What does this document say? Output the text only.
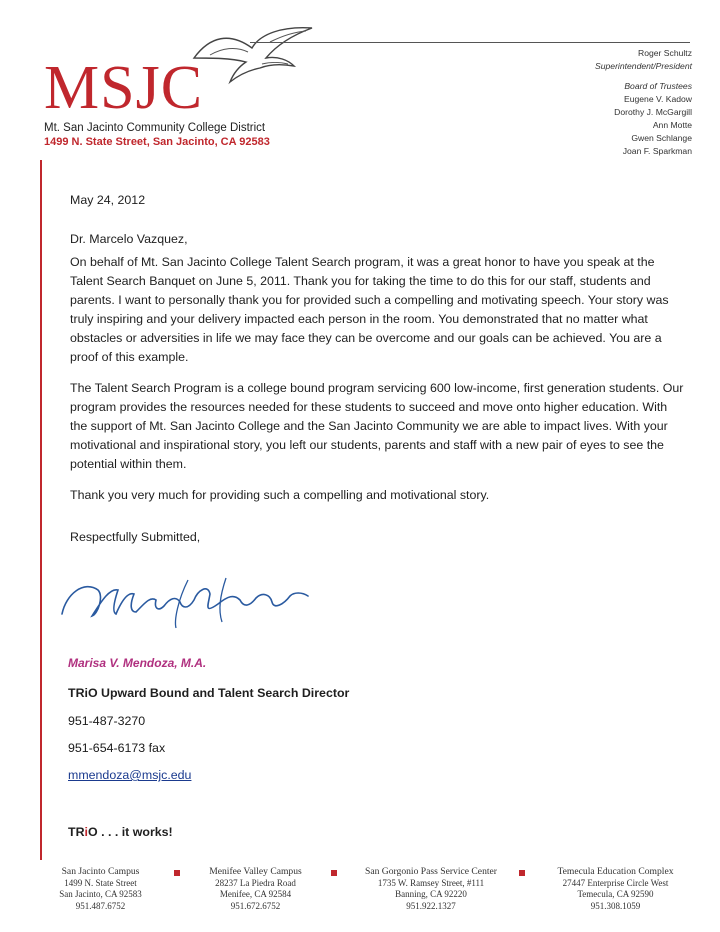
MSJC
Mt. San Jacinto Community College District
1499 N. State Street, San Jacinto, CA 92583
Roger Schultz
Superintendent/President
Board of Trustees
Eugene V. Kadow
Dorothy J. McGargill
Ann Motte
Gwen Schlange
Joan F. Sparkman

May 24, 2012

Dr. Marcelo Vazquez,

On behalf of Mt. San Jacinto College Talent Search program, it was a great honor to have you speak at the Talent Search Banquet on June 5, 2011. Thank you for taking the time to do this for our staff, students and parents. I want to personally thank you for provided such a compelling and motivating speech. Your story was truly inspiring and your delivery impacted each person in the room. You demonstrated that no matter what obstacles or adversities in life we may face they can be overcome and our goals can be achieved. You are a proof of this example.

The Talent Search Program is a college bound program servicing 600 low-income, first generation students. Our program provides the resources needed for these students to succeed and move onto higher education. With the support of Mt. San Jacinto College and the San Jacinto Community we are able to impact lives. With your motivational and inspirational story, you left our students, parents and staff with a new pair of eyes to see the potential within them.

Thank you very much for providing such a compelling and motivational story.

Respectfully Submitted,

Marisa V. Mendoza, M.A.
TRiO Upward Bound and Talent Search Director
951-487-3270
951-654-6173 fax
mmendoza@msjc.edu
TRiO . . . it works!
San Jacinto Campus
1499 N. State Street
San Jacinto, CA 92583
951.487.6752
Menifee Valley Campus
28237 La Piedra Road
Menifee, CA 92584
951.672.6752
San Gorgonio Pass Service Center
1735 W. Ramsey Street, #111
Banning, CA 92220
951.922.1327
Temecula Education Complex
27447 Enterprise Circle West
Temecula, CA 92590
951.308.1059
